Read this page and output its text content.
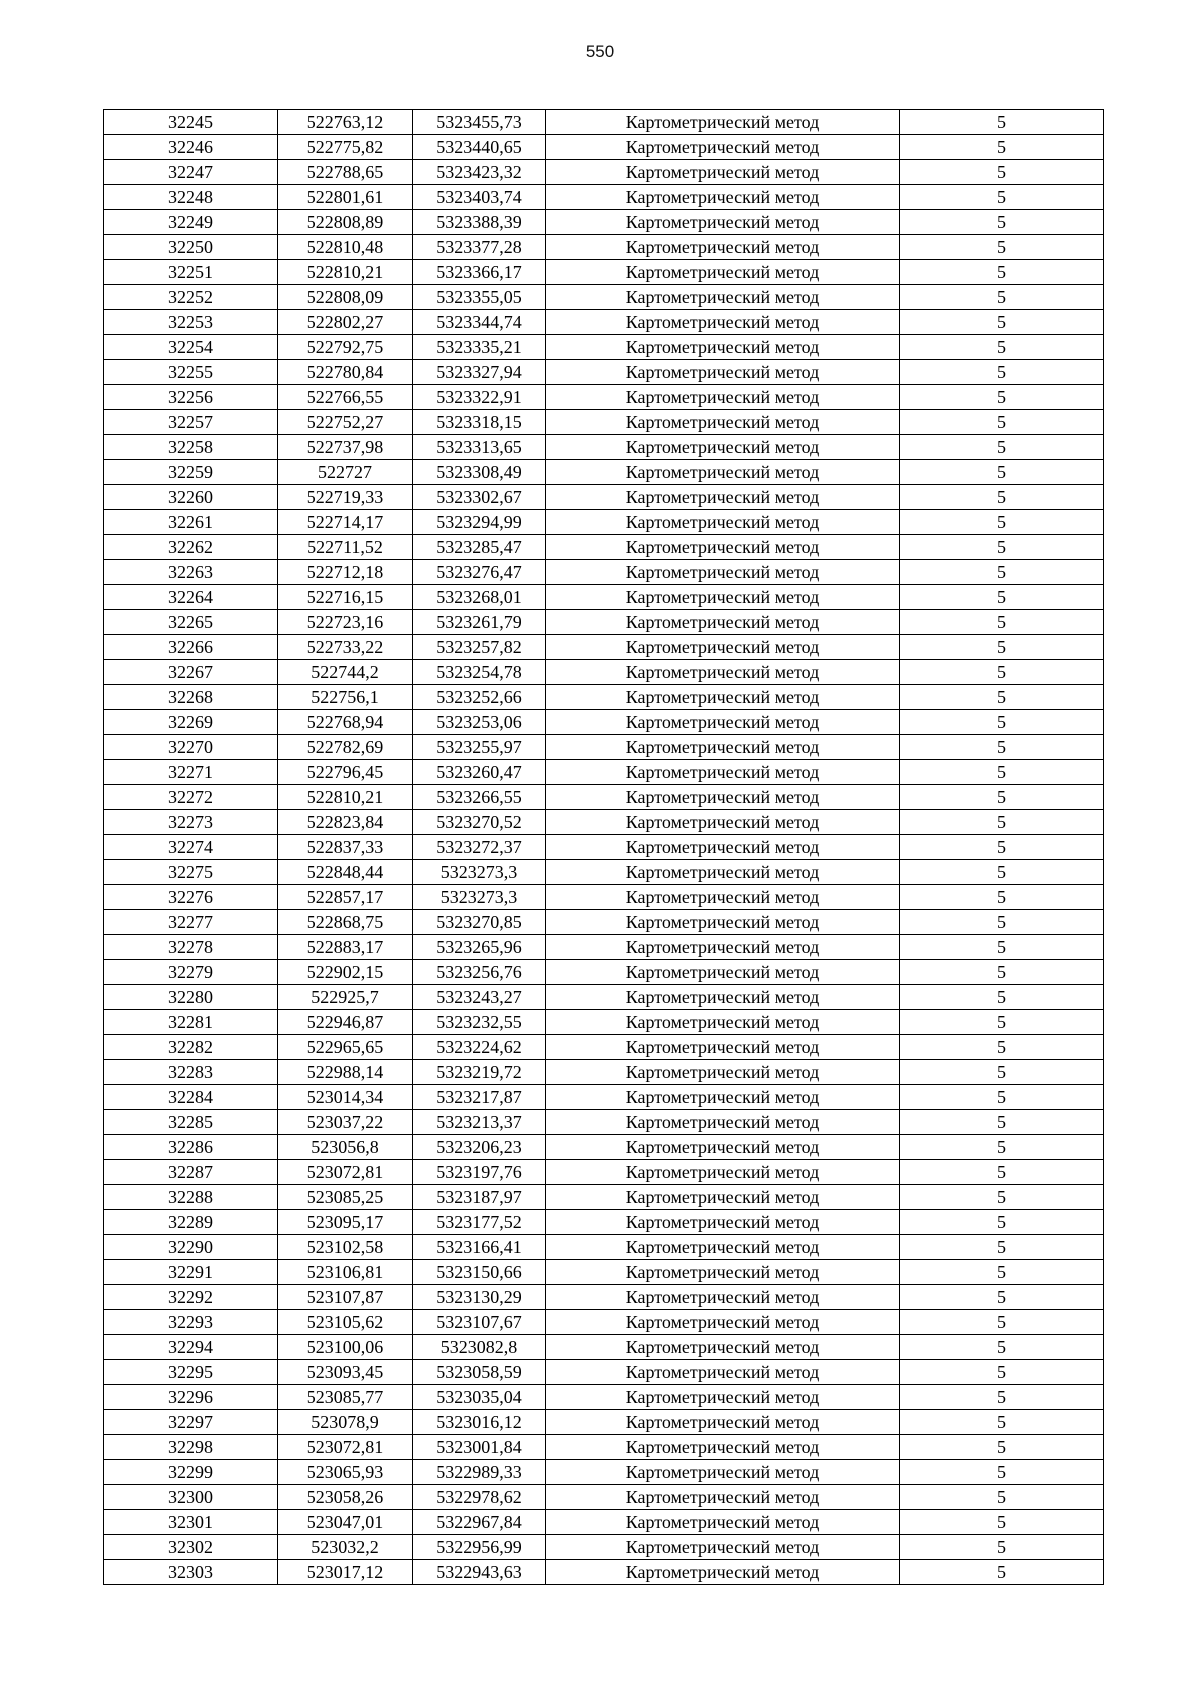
550
32245	522763,12	5323455,73	Картометрический метод	5
32246	522775,82	5323440,65	Картометрический метод	5
32247	522788,65	5323423,32	Картометрический метод	5
32248	522801,61	5323403,74	Картометрический метод	5
32249	522808,89	5323388,39	Картометрический метод	5
32250	522810,48	5323377,28	Картометрический метод	5
32251	522810,21	5323366,17	Картометрический метод	5
32252	522808,09	5323355,05	Картометрический метод	5
32253	522802,27	5323344,74	Картометрический метод	5
32254	522792,75	5323335,21	Картометрический метод	5
32255	522780,84	5323327,94	Картометрический метод	5
32256	522766,55	5323322,91	Картометрический метод	5
32257	522752,27	5323318,15	Картометрический метод	5
32258	522737,98	5323313,65	Картометрический метод	5
32259	522727	5323308,49	Картометрический метод	5
32260	522719,33	5323302,67	Картометрический метод	5
32261	522714,17	5323294,99	Картометрический метод	5
32262	522711,52	5323285,47	Картометрический метод	5
32263	522712,18	5323276,47	Картометрический метод	5
32264	522716,15	5323268,01	Картометрический метод	5
32265	522723,16	5323261,79	Картометрический метод	5
32266	522733,22	5323257,82	Картометрический метод	5
32267	522744,2	5323254,78	Картометрический метод	5
32268	522756,1	5323252,66	Картометрический метод	5
32269	522768,94	5323253,06	Картометрический метод	5
32270	522782,69	5323255,97	Картометрический метод	5
32271	522796,45	5323260,47	Картометрический метод	5
32272	522810,21	5323266,55	Картометрический метод	5
32273	522823,84	5323270,52	Картометрический метод	5
32274	522837,33	5323272,37	Картометрический метод	5
32275	522848,44	5323273,3	Картометрический метод	5
32276	522857,17	5323273,3	Картометрический метод	5
32277	522868,75	5323270,85	Картометрический метод	5
32278	522883,17	5323265,96	Картометрический метод	5
32279	522902,15	5323256,76	Картометрический метод	5
32280	522925,7	5323243,27	Картометрический метод	5
32281	522946,87	5323232,55	Картометрический метод	5
32282	522965,65	5323224,62	Картометрический метод	5
32283	522988,14	5323219,72	Картометрический метод	5
32284	523014,34	5323217,87	Картометрический метод	5
32285	523037,22	5323213,37	Картометрический метод	5
32286	523056,8	5323206,23	Картометрический метод	5
32287	523072,81	5323197,76	Картометрический метод	5
32288	523085,25	5323187,97	Картометрический метод	5
32289	523095,17	5323177,52	Картометрический метод	5
32290	523102,58	5323166,41	Картометрический метод	5
32291	523106,81	5323150,66	Картометрический метод	5
32292	523107,87	5323130,29	Картометрический метод	5
32293	523105,62	5323107,67	Картометрический метод	5
32294	523100,06	5323082,8	Картометрический метод	5
32295	523093,45	5323058,59	Картометрический метод	5
32296	523085,77	5323035,04	Картометрический метод	5
32297	523078,9	5323016,12	Картометрический метод	5
32298	523072,81	5323001,84	Картометрический метод	5
32299	523065,93	5322989,33	Картометрический метод	5
32300	523058,26	5322978,62	Картометрический метод	5
32301	523047,01	5322967,84	Картометрический метод	5
32302	523032,2	5322956,99	Картометрический метод	5
32303	523017,12	5322943,63	Картометрический метод	5
